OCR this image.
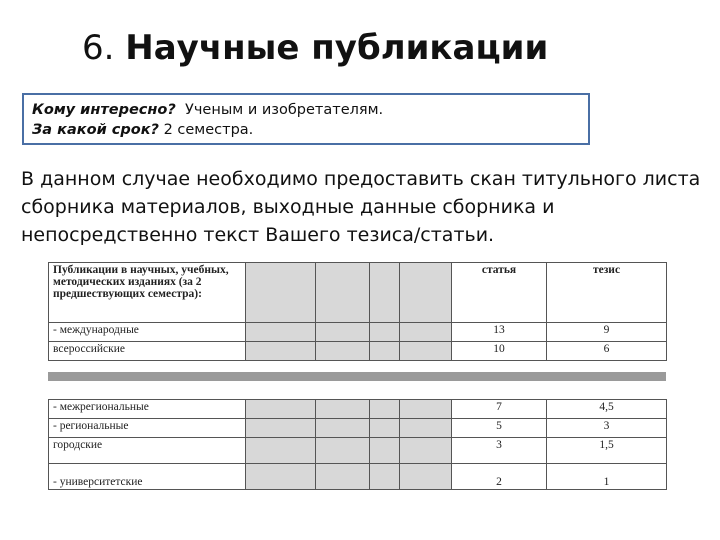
6. Научные публикации
Кому интересно? Ученым и изобретателям.
За какой срок? 2 семестра.
В данном случае необходимо предоставить скан титульного листа сборника материалов, выходные данные сборника и непосредственно текст Вашего тезиса/статьи.
Публикации в научных, учебных, методических изданиях (за 2 предшествующих семестра):					статья	тезис
- международные					13	9
всероссийские					10	6
- межрегиональные					7	4,5
- региональные					5	3
городские					3	1,5
- университетские					2	1
